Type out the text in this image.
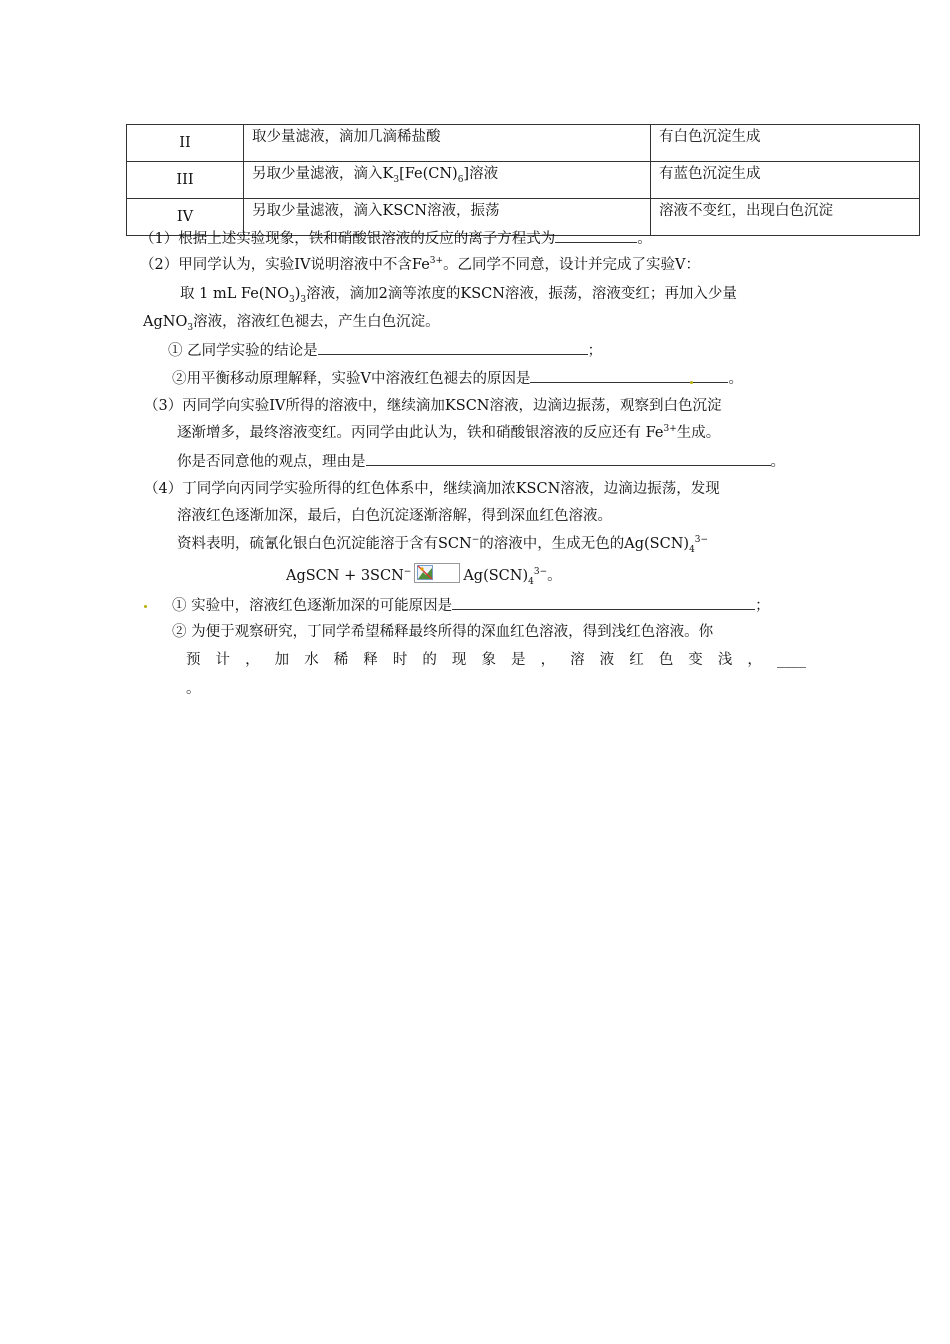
II	取少量滤液，滴加几滴稀盐酸	有白色沉淀生成
III	另取少量滤液，滴入$K_3[Fe(CN)_6]$溶液	有蓝色沉淀生成
IV	另取少量滤液，滴入KSCN溶液，振荡	溶液不变红，出现白色沉淀
（1）根据上述实验现象，铁和硝酸银溶液的反应的离子方程式为	。
（2）甲同学认为，实验IV说明溶液中不含$Fe^{3+}$。乙同学不同意，设计并完成了实验V：
取 1 mL $Fe(NO_3)_3$溶液，滴加2滴等浓度的KSCN溶液，振荡，溶液变红；再加入少量
AgNO$_3$溶液，溶液红色褪去，产生白色沉淀。
① 乙同学实验的结论是	；
②用平衡移动原理解释，实验V中溶液红色褪去的原因是	。
（3）丙同学向实验IV所得的溶液中，继续滴加KSCN溶液，边滴边振荡，观察到白色沉淀
逐渐增多，最终溶液变红。丙同学由此认为，铁和硝酸银溶液的反应还有 $Fe^{3+}$生成。
你是否同意他的观点，理由是	。
（4）丁同学向丙同学实验所得的红色体系中，继续滴加浓KSCN溶液，边滴边振荡，发现
溶液红色逐渐加深，最后，白色沉淀逐渐溶解，得到深血红色溶液。
资料表明，硫氰化银白色沉淀能溶于含有SCN−的溶液中，生成无色的$Ag(SCN)_4^{3-}$
AgSCN + 3SCN−	$Ag(SCN)_4^{3-}$。
① 实验中，溶液红色逐渐加深的可能原因是	；
② 为便于观察研究，丁同学希望稀释最终所得的深血红色溶液，得到浅红色溶液。你
预 计 ， 加 水 稀 释 时 的 现 象 是 ， 溶 液 红 色 变 浅 ， ____
。
